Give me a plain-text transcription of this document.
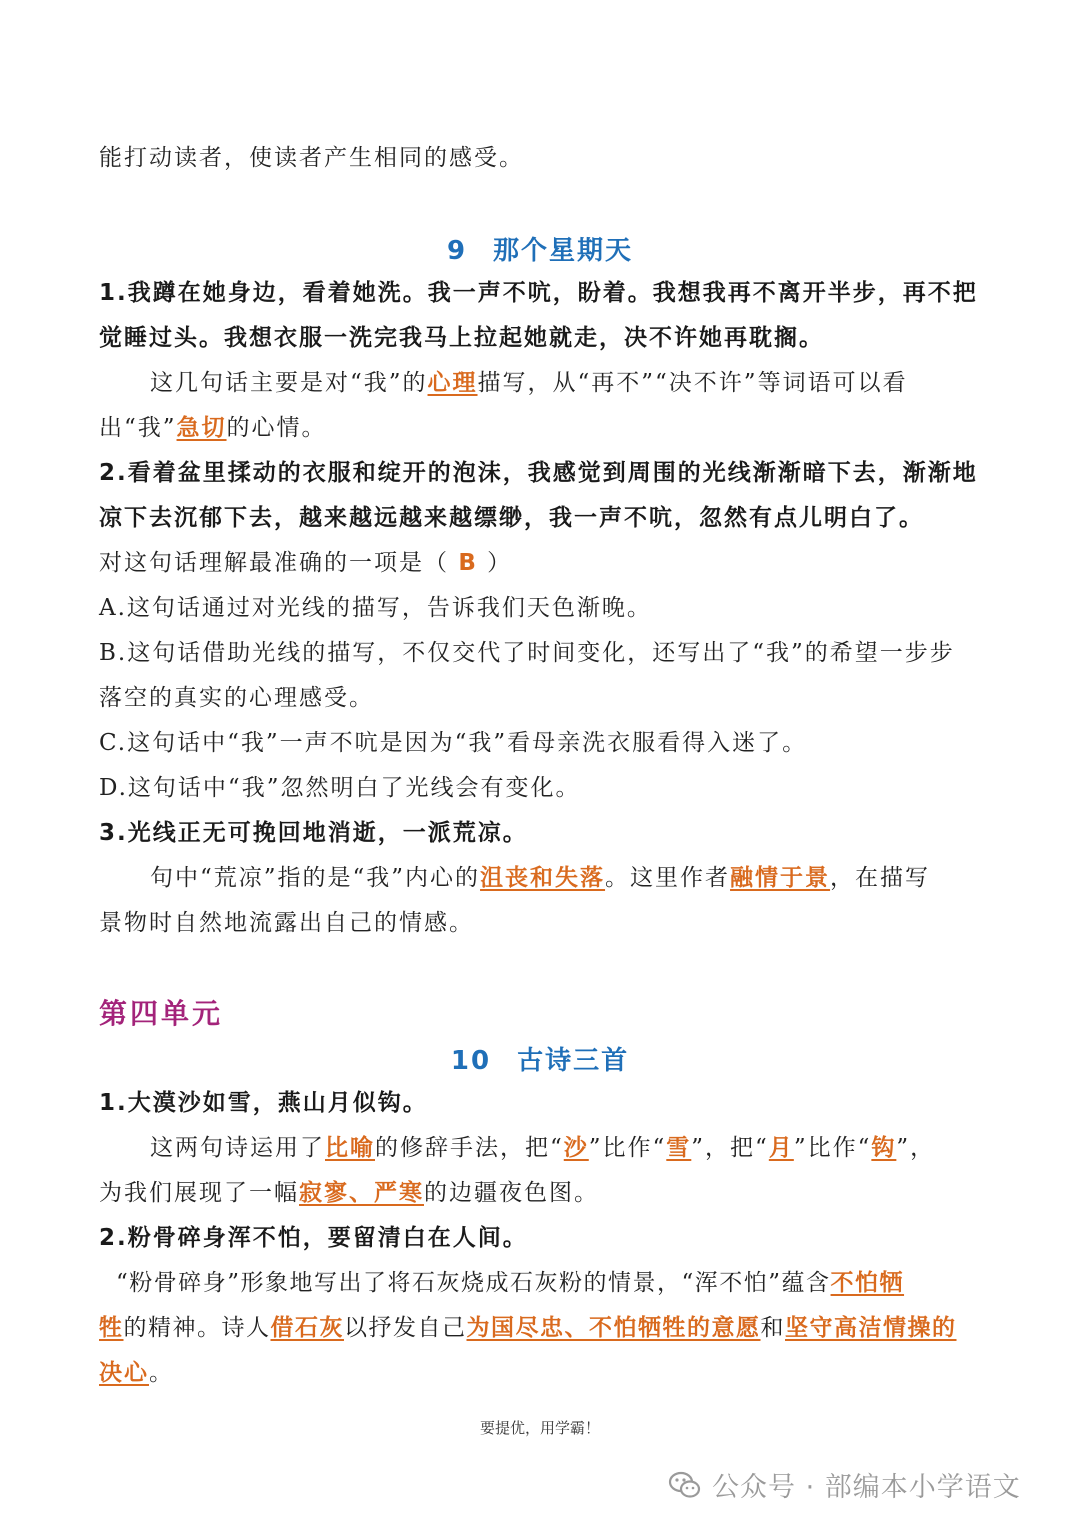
能打动读者，使读者产生相同的感受。
9 那个星期天
1.我蹲在她身边，看着她洗。我一声不吭，盼着。我想我再不离开半步，再不把
觉睡过头。我想衣服一洗完我马上拉起她就走，决不许她再耽搁。
这几句话主要是对“我”的心理描写，从“再不”“决不许”等词语可以看
出“我”急切的心情。
2.看着盆里揉动的衣服和绽开的泡沫，我感觉到周围的光线渐渐暗下去，渐渐地
凉下去沉郁下去，越来越远越来越缥缈，我一声不吭，忽然有点儿明白了。
对这句话理解最准确的一项是（ B ）
A.这句话通过对光线的描写，告诉我们天色渐晚。
B.这句话借助光线的描写，不仅交代了时间变化，还写出了“我”的希望一步步
落空的真实的心理感受。
C.这句话中“我”一声不吭是因为“我”看母亲洗衣服看得入迷了。
D.这句话中“我”忽然明白了光线会有变化。
3.光线正无可挽回地消逝，一派荒凉。
句中“荒凉”指的是“我”内心的沮丧和失落。这里作者融情于景，在描写
景物时自然地流露出自己的情感。
第四单元
10 古诗三首
1.大漠沙如雪，燕山月似钩。
这两句诗运用了比喻的修辞手法，把“沙”比作“雪”，把“月”比作“钩”，
为我们展现了一幅寂寥、严寒的边疆夜色图。
2.粉骨碎身浑不怕，要留清白在人间。
“粉骨碎身”形象地写出了将石灰烧成石灰粉的情景，“浑不怕”蕴含不怕牺
牲的精神。诗人借石灰以抒发自己为国尽忠、不怕牺牲的意愿和坚守高洁情操的
决心。
要提优，用学霸！
公众号 · 部编本小学语文
